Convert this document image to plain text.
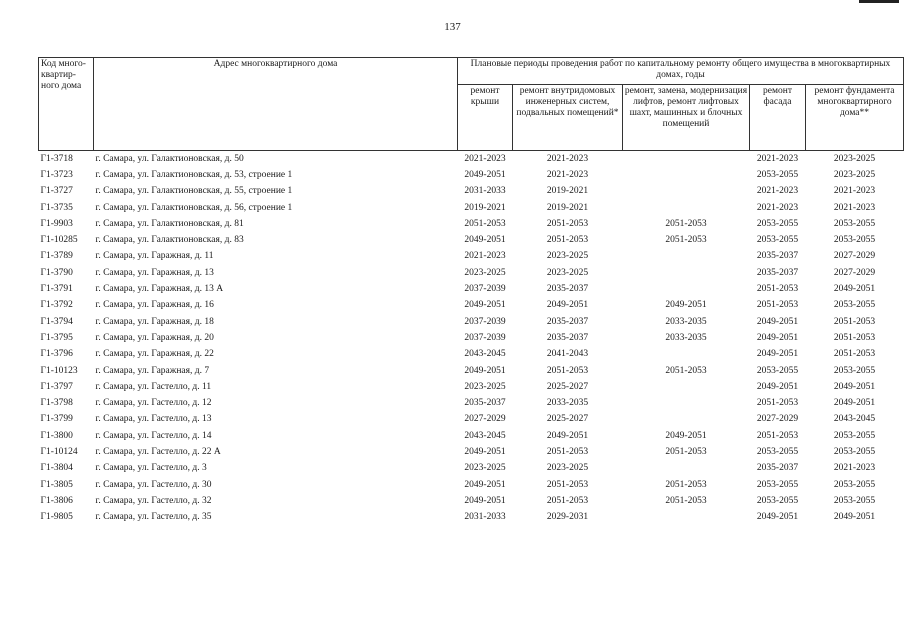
137
Код много-квартир-ного дома	Адрес многоквартирного дома	Плановые периоды проведения работ по капитальному ремонту общего имущества в многоквартирных домах, годы				
		ремонт крыши	ремонт внутридомовых инженерных систем, подвальных помещений*	ремонт, замена, модернизация лифтов, ремонт лифтовых шахт, машинных и блочных помещений	ремонт фасада	ремонт фундамента многоквартирного дома**
Г1-3718	г. Самара, ул. Галактионовская, д. 50	2021-2023	2021-2023		2021-2023	2023-2025
Г1-3723	г. Самара, ул. Галактионовская, д. 53, строение 1	2049-2051	2021-2023		2053-2055	2023-2025
Г1-3727	г. Самара, ул. Галактионовская, д. 55, строение 1	2031-2033	2019-2021		2021-2023	2021-2023
Г1-3735	г. Самара, ул. Галактионовская, д. 56, строение 1	2019-2021	2019-2021		2021-2023	2021-2023
Г1-9903	г. Самара, ул. Галактионовская, д. 81	2051-2053	2051-2053	2051-2053	2053-2055	2053-2055
Г1-10285	г. Самара, ул. Галактионовская, д. 83	2049-2051	2051-2053	2051-2053	2053-2055	2053-2055
Г1-3789	г. Самара, ул. Гаражная, д. 11	2021-2023	2023-2025		2035-2037	2027-2029
Г1-3790	г. Самара, ул. Гаражная, д. 13	2023-2025	2023-2025		2035-2037	2027-2029
Г1-3791	г. Самара, ул. Гаражная, д. 13 А	2037-2039	2035-2037		2051-2053	2049-2051
Г1-3792	г. Самара, ул. Гаражная, д. 16	2049-2051	2049-2051	2049-2051	2051-2053	2053-2055
Г1-3794	г. Самара, ул. Гаражная, д. 18	2037-2039	2035-2037	2033-2035	2049-2051	2051-2053
Г1-3795	г. Самара, ул. Гаражная, д. 20	2037-2039	2035-2037	2033-2035	2049-2051	2051-2053
Г1-3796	г. Самара, ул. Гаражная, д. 22	2043-2045	2041-2043		2049-2051	2051-2053
Г1-10123	г. Самара, ул. Гаражная, д. 7	2049-2051	2051-2053	2051-2053	2053-2055	2053-2055
Г1-3797	г. Самара, ул. Гастелло, д. 11	2023-2025	2025-2027		2049-2051	2049-2051
Г1-3798	г. Самара, ул. Гастелло, д. 12	2035-2037	2033-2035		2051-2053	2049-2051
Г1-3799	г. Самара, ул. Гастелло, д. 13	2027-2029	2025-2027		2027-2029	2043-2045
Г1-3800	г. Самара, ул. Гастелло, д. 14	2043-2045	2049-2051	2049-2051	2051-2053	2053-2055
Г1-10124	г. Самара, ул. Гастелло, д. 22 А	2049-2051	2051-2053	2051-2053	2053-2055	2053-2055
Г1-3804	г. Самара, ул. Гастелло, д. 3	2023-2025	2023-2025		2035-2037	2021-2023
Г1-3805	г. Самара, ул. Гастелло, д. 30	2049-2051	2051-2053	2051-2053	2053-2055	2053-2055
Г1-3806	г. Самара, ул. Гастелло, д. 32	2049-2051	2051-2053	2051-2053	2053-2055	2053-2055
Г1-9805	г. Самара, ул. Гастелло, д. 35	2031-2033	2029-2031		2049-2051	2049-2051
